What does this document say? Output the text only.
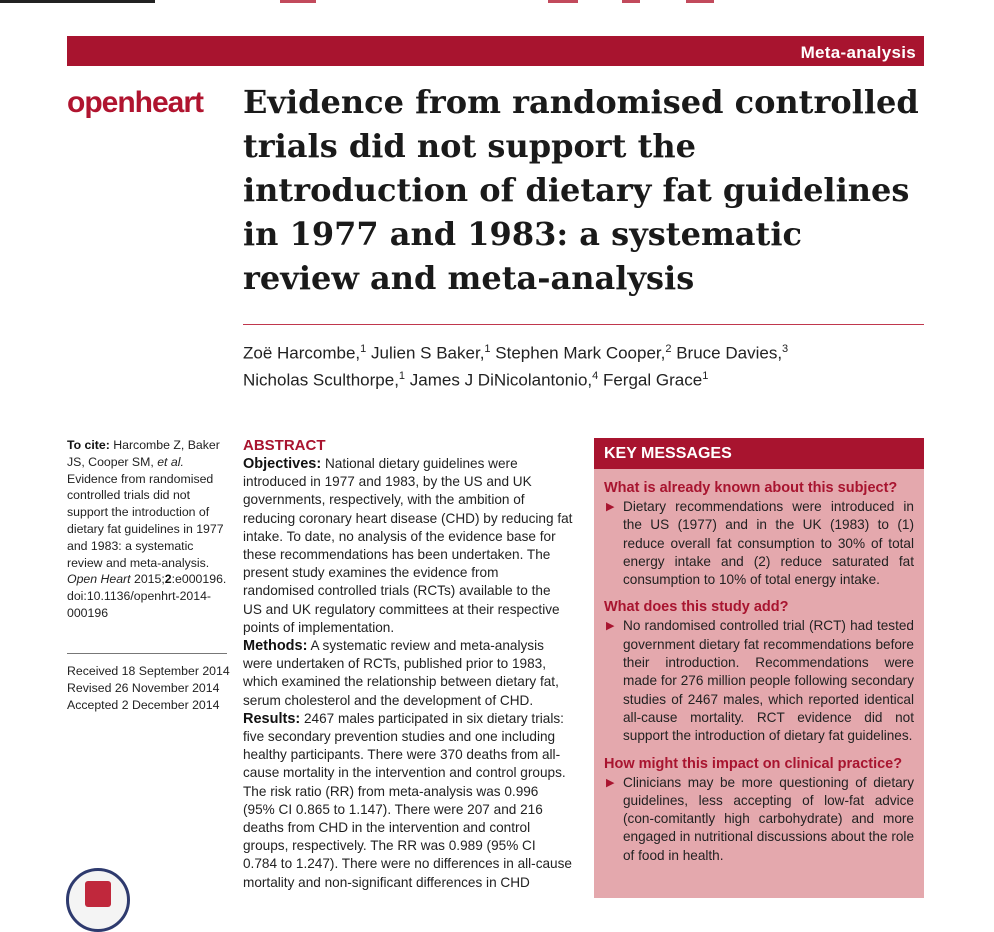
Meta-analysis
openheart Evidence from randomised controlled trials did not support the introduction of dietary fat guidelines in 1977 and 1983: a systematic review and meta-analysis
Zoë Harcombe,$^1$ Julien S Baker,$^1$ Stephen Mark Cooper,$^2$ Bruce Davies,$^3$
Nicholas Sculthorpe,$^1$ James J DiNicolantonio,$^4$ Fergal Grace$^1$
To cite: Harcombe Z, Baker JS, Cooper SM, et al. Evidence from randomised controlled trials did not support the introduction of dietary fat guidelines in 1977 and 1983: a systematic review and meta-analysis. Open Heart 2015;2:e000196. doi:10.1136/openhrt-2014-000196
Received 18 September 2014
Revised 26 November 2014
Accepted 2 December 2014
ABSTRACT

Objectives: National dietary guidelines were introduced in 1977 and 1983, by the US and UK governments, respectively, with the ambition of reducing coronary heart disease (CHD) by reducing fat intake. To date, no analysis of the evidence base for these recommendations has been undertaken. The present study examines the evidence from randomised controlled trials (RCTs) available to the US and UK regulatory committees at their respective points of implementation.

Methods: A systematic review and meta-analysis were undertaken of RCTs, published prior to 1983, which examined the relationship between dietary fat, serum cholesterol and the development of CHD.

Results: 2467 males participated in six dietary trials: five secondary prevention studies and one including healthy participants. There were 370 deaths from all-cause mortality in the intervention and control groups. The risk ratio (RR) from meta-analysis was 0.996 (95% CI 0.865 to 1.147). There were 207 and 216 deaths from CHD in the intervention and control groups, respectively. The RR was 0.989 (95% CI 0.784 to 1.247). There were no differences in all-cause mortality and non-significant differences in CHD

KEY MESSAGES
What is already known about this subject?
▶ Dietary recommendations were introduced in the US (1977) and in the UK (1983) to (1) reduce overall fat consumption to 30% of total energy intake and (2) reduce saturated fat consumption to 10% of total energy intake.
What does this study add?
▶ No randomised controlled trial (RCT) had tested government dietary fat recommendations before their introduction. Recommendations were made for 276 million people following secondary studies of 2467 males, which reported identical all-cause mortality. RCT evidence did not support the introduction of dietary fat guidelines.
How might this impact on clinical practice?
▶ Clinicians may be more questioning of dietary guidelines, less accepting of low-fat advice (con-comitantly high carbohydrate) and more engaged in nutritional discussions about the role of food in health.
